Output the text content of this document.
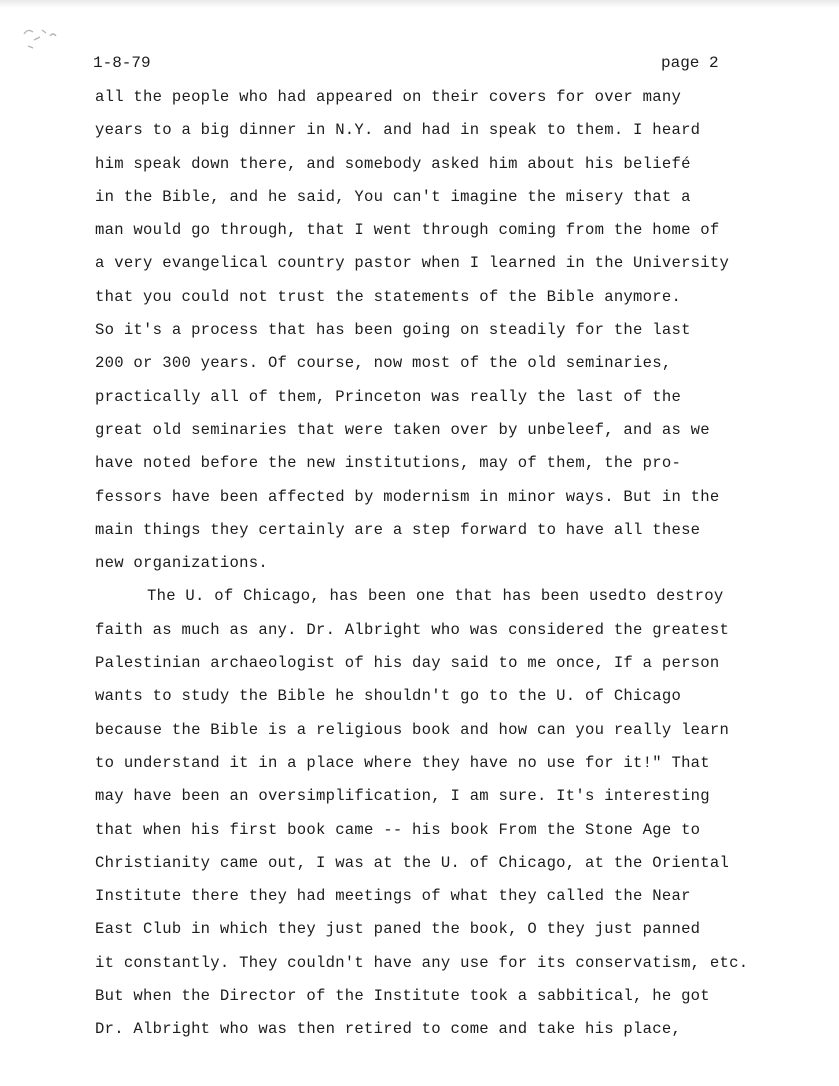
1-8-79	page 2
all the people who had appeared on their covers for over many
years to a big dinner in N.Y. and had in speak to them. I heard
him speak down there, and somebody asked him about his beliefé
in the Bible, and he said, You can't imagine the misery that a
man would go through, that I went through coming from the home of
a very evangelical country pastor when I learned in the University
that you could not trust the statements of the Bible anymore.
So it's a process that has been going on steadily for the last
200 or 300 years. Of course, now most of the old seminaries,
practically all of them, Princeton was really the last of the
great old seminaries that were taken over by unbeleef, and as we
have noted before the new institutions, may of them, the pro-
fessors have been affected by modernism in minor ways. But in the
main things they certainly are a step forward to have all these
new organizations.
The U. of Chicago, has been one that has been usedto destroy
faith as much as any. Dr. Albright who was considered the greatest
Palestinian archaeologist of his day said to me once, If a person
wants to study the Bible he shouldn't go to the U. of Chicago
because the Bible is a religious book and how can you really learn
to understand it in a place where they have no use for it!" That
may have been an oversimplification, I am sure. It's interesting
that when his first book came -- his book From the Stone Age to
Christianity came out, I was at the U. of Chicago, at the Oriental
Institute there they had meetings of what they called the Near
East Club in which they just paned the book, O they just panned
it constantly. They couldn't have any use for its conservatism, etc.
But when the Director of the Institute took a sabbitical, he got
Dr. Albright who was then retired to come and take his place,
